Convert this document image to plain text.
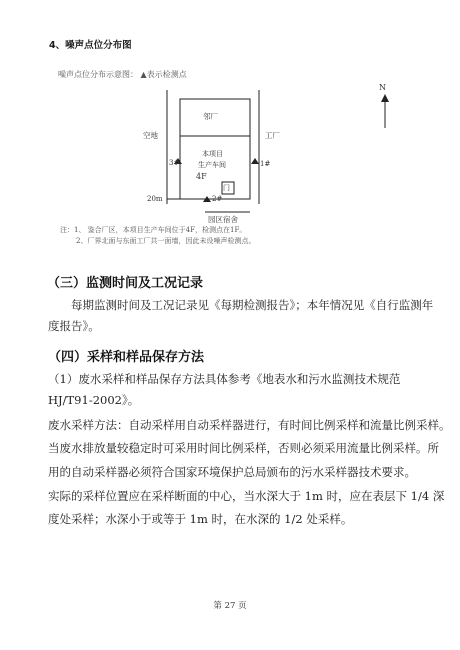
4、噪声点位分布图
噪声点位分布示意图： ▲表示检测点
N
空地
邻厂
本项目
生产车间
4F
门
工厂
1#
2#
3#
20m
园区宿舍
注：1、 鉴合厂区，本项目生产车间位于4F，检测点在1F。
2、厂界北面与东面工厂共一面墙，因此未设噪声检测点。
（三）监测时间及工况记录
每期监测时间及工况记录见《每期检测报告》；本年情况见《自行监测年
度报告》。
（四）采样和样品保存方法
（1）废水采样和样品保存方法具体参考《地表水和污水监测技术规范
HJ/T91-2002》。
废水采样方法：自动采样用自动采样器进行，有时间比例采样和流量比例采样。
当废水排放量较稳定时可采用时间比例采样，否则必须采用流量比例采样。所
用的自动采样器必须符合国家环境保护总局颁布的污水采样器技术要求。
实际的采样位置应在采样断面的中心，当水深大于 1m 时，应在表层下 1/4 深
度处采样；水深小于或等于 1m 时，在水深的 1/2 处采样。
第 27 页
